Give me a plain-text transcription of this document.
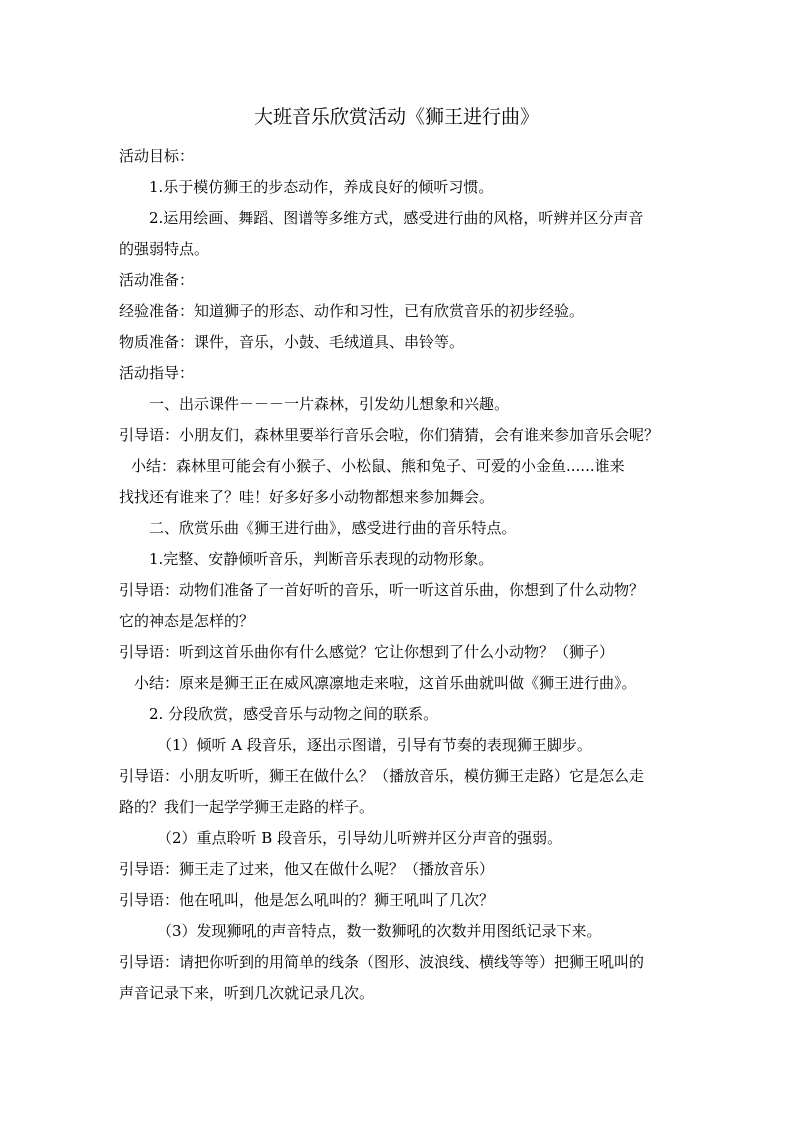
大班音乐欣赏活动《狮王进行曲》
活动目标：
1.乐于模仿狮王的步态动作，养成良好的倾听习惯。
2.运用绘画、舞蹈、图谱等多维方式，感受进行曲的风格，听辨并区分声音
的强弱特点。
活动准备：
经验准备：知道狮子的形态、动作和习性，已有欣赏音乐的初步经验。
物质准备：课件，音乐，小鼓、毛绒道具、串铃等。
活动指导：
一、出示课件－－－一片森林，引发幼儿想象和兴趣。
引导语：小朋友们，森林里要举行音乐会啦，你们猜猜，会有谁来参加音乐会呢？
小结：森林里可能会有小猴子、小松鼠、熊和兔子、可爱的小金鱼......谁来
找找还有谁来了？哇！好多好多小动物都想来参加舞会。
二、欣赏乐曲《狮王进行曲》，感受进行曲的音乐特点。
1.完整、安静倾听音乐，判断音乐表现的动物形象。
引导语：动物们准备了一首好听的音乐，听一听这首乐曲，你想到了什么动物？
它的神态是怎样的？
引导语：听到这首乐曲你有什么感觉？它让你想到了什么小动物？（狮子）
小结：原来是狮王正在威风凛凛地走来啦，这首乐曲就叫做《狮王进行曲》。
2. 分段欣赏，感受音乐与动物之间的联系。
（1）倾听 A 段音乐，逐出示图谱，引导有节奏的表现狮王脚步。
引导语：小朋友听听，狮王在做什么？（播放音乐，模仿狮王走路）它是怎么走
路的？我们一起学学狮王走路的样子。
（2）重点聆听 B 段音乐，引导幼儿听辨并区分声音的强弱。
引导语：狮王走了过来，他又在做什么呢？（播放音乐）
引导语：他在吼叫，他是怎么吼叫的？狮王吼叫了几次？
（3）发现狮吼的声音特点，数一数狮吼的次数并用图纸记录下来。
引导语：请把你听到的用简单的线条（图形、波浪线、横线等等）把狮王吼叫的
声音记录下来，听到几次就记录几次。
